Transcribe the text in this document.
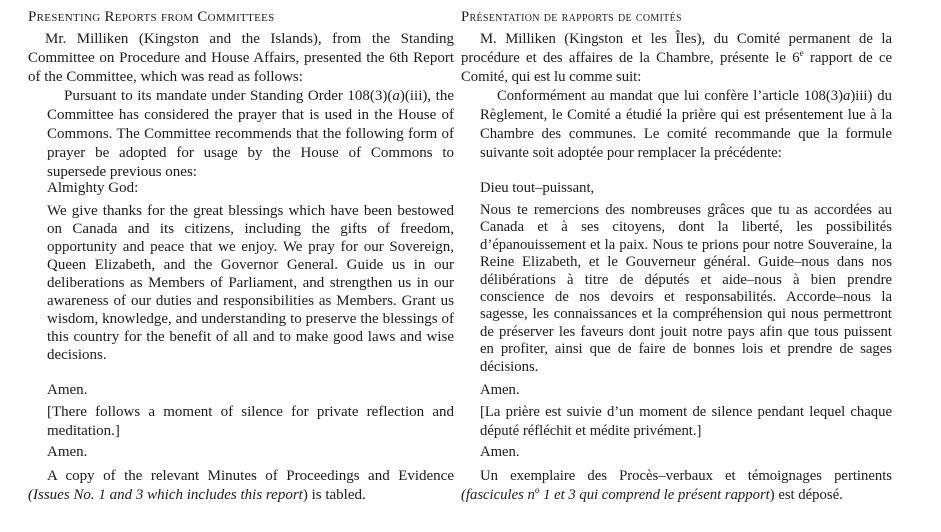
Presenting Reports from Committees

Mr. Milliken (Kingston and the Islands), from the Standing Committee on Procedure and House Affairs, presented the 6th Report of the Committee, which was read as follows:

Pursuant to its mandate under Standing Order 108(3)(a)(iii), the Committee has considered the prayer that is used in the House of Commons. The Committee recommends that the following form of prayer be adopted for usage by the House of Commons to supersede previous ones:

Almighty God:

We give thanks for the great blessings which have been bestowed on Canada and its citizens, including the gifts of freedom, opportunity and peace that we enjoy. We pray for our Sovereign, Queen Elizabeth, and the Governor General. Guide us in our deliberations as Members of Parliament, and strengthen us in our awareness of our duties and responsibilities as Members. Grant us wisdom, knowledge, and understanding to preserve the blessings of this country for the benefit of all and to make good laws and wise decisions.

Amen.

[There follows a moment of silence for private reflection and meditation.]

Amen.

A copy of the relevant Minutes of Proceedings and Evidence (Issues No. 1 and 3 which includes this report) is tabled.

Présentation de rapports de comités

M. Milliken (Kingston et les Îles), du Comité permanent de la procédure et des affaires de la Chambre, présente le 6e rapport de ce Comité, qui est lu comme suit:

Conformément au mandat que lui confère l’article 108(3)a)iii) du Règlement, le Comité a étudié la prière qui est présentement lue à la Chambre des communes. Le comité recommande que la formule suivante soit adoptée pour remplacer la précédente:

Dieu tout–puissant,

Nous te remercions des nombreuses grâces que tu as accordées au Canada et à ses citoyens, dont la liberté, les possibilités d’épanouissement et la paix. Nous te prions pour notre Souveraine, la Reine Elizabeth, et le Gouverneur général. Guide–nous dans nos délibérations à titre de députés et aide–nous à bien prendre conscience de nos devoirs et responsabilités. Accorde–nous la sagesse, les connaissances et la compréhension qui nous permettront de préserver les faveurs dont jouit notre pays afin que tous puissent en profiter, ainsi que de faire de bonnes lois et prendre de sages décisions.

Amen.

[La prière est suivie d’un moment de silence pendant lequel chaque député réfléchit et médite privément.]

Amen.

Un exemplaire des Procès–verbaux et témoignages pertinents (fascicules $n^o$ 1 et 3 qui comprend le présent rapport) est déposé.
